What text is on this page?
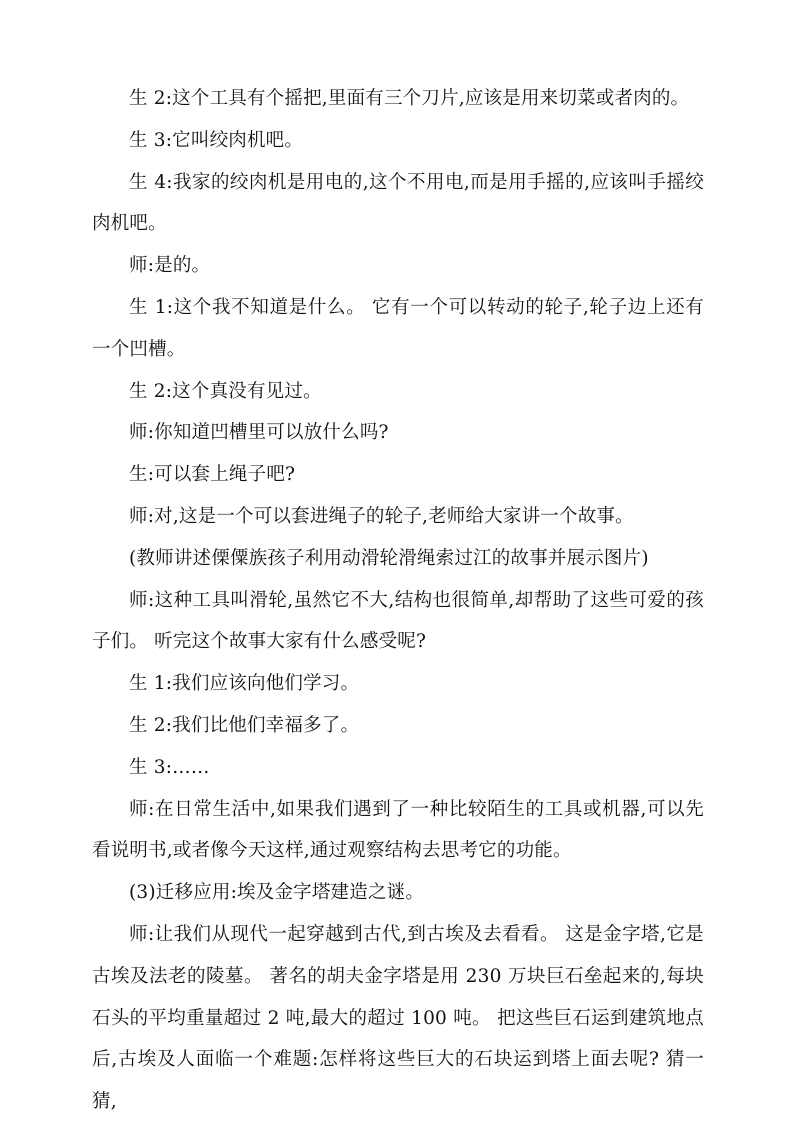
生 2:这个工具有个摇把,里面有三个刀片,应该是用来切菜或者肉的。

生 3:它叫绞肉机吧。

生 4:我家的绞肉机是用电的,这个不用电,而是用手摇的,应该叫手摇绞肉机吧。

师:是的。

生 1:这个我不知道是什么。 它有一个可以转动的轮子,轮子边上还有一个凹槽。

生 2:这个真没有见过。

师:你知道凹槽里可以放什么吗?

生:可以套上绳子吧?

师:对,这是一个可以套进绳子的轮子,老师给大家讲一个故事。

(教师讲述傈僳族孩子利用动滑轮滑绳索过江的故事并展示图片)

师:这种工具叫滑轮,虽然它不大,结构也很简单,却帮助了这些可爱的孩子们。 听完这个故事大家有什么感受呢?

生 1:我们应该向他们学习。

生 2:我们比他们幸福多了。

生 3:……

师:在日常生活中,如果我们遇到了一种比较陌生的工具或机器,可以先看说明书,或者像今天这样,通过观察结构去思考它的功能。

(3)迁移应用:埃及金字塔建造之谜。

师:让我们从现代一起穿越到古代,到古埃及去看看。 这是金字塔,它是古埃及法老的陵墓。 著名的胡夫金字塔是用 230 万块巨石垒起来的,每块石头的平均重量超过 2 吨,最大的超过 100 吨。 把这些巨石运到建筑地点后,古埃及人面临一个难题:怎样将这些巨大的石块运到塔上面去呢? 猜一猜,
